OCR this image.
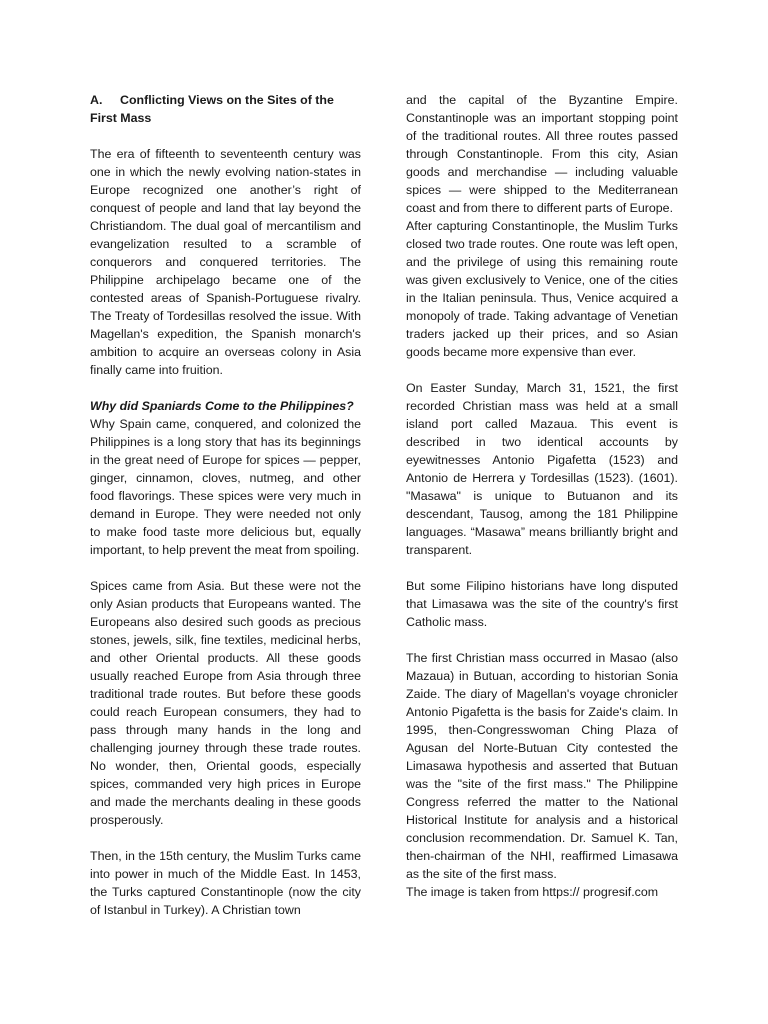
A. Conflicting Views on the Sites of the First Mass

The era of fifteenth to seventeenth century was one in which the newly evolving nation-states in Europe recognized one another’s right of conquest of people and land that lay beyond the Christiandom. The dual goal of mercantilism and evangelization resulted to a scramble of conquerors and conquered territories. The Philippine archipelago became one of the contested areas of Spanish-Portuguese rivalry. The Treaty of Tordesillas resolved the issue. With Magellan's expedition, the Spanish monarch's ambition to acquire an overseas colony in Asia finally came into fruition.

Why did Spaniards Come to the Philippines?

Why Spain came, conquered, and colonized the Philippines is a long story that has its beginnings in the great need of Europe for spices — pepper, ginger, cinnamon, cloves, nutmeg, and other food flavorings. These spices were very much in demand in Europe. They were needed not only to make food taste more delicious but, equally important, to help prevent the meat from spoiling.

Spices came from Asia. But these were not the only Asian products that Europeans wanted. The Europeans also desired such goods as precious stones, jewels, silk, fine textiles, medicinal herbs, and other Oriental products. All these goods usually reached Europe from Asia through three traditional trade routes. But before these goods could reach European consumers, they had to pass through many hands in the long and challenging journey through these trade routes. No wonder, then, Oriental goods, especially spices, commanded very high prices in Europe and made the merchants dealing in these goods prosperously.

Then, in the 15th century, the Muslim Turks came into power in much of the Middle East. In 1453, the Turks captured Constantinople (now the city of Istanbul in Turkey). A Christian town

and the capital of the Byzantine Empire. Constantinople was an important stopping point of the traditional routes. All three routes passed through Constantinople. From this city, Asian goods and merchandise — including valuable spices — were shipped to the Mediterranean coast and from there to different parts of Europe.

After capturing Constantinople, the Muslim Turks closed two trade routes. One route was left open, and the privilege of using this remaining route was given exclusively to Venice, one of the cities in the Italian peninsula. Thus, Venice acquired a monopoly of trade. Taking advantage of Venetian traders jacked up their prices, and so Asian goods became more expensive than ever.

On Easter Sunday, March 31, 1521, the first recorded Christian mass was held at a small island port called Mazaua. This event is described in two identical accounts by eyewitnesses Antonio Pigafetta (1523) and Antonio de Herrera y Tordesillas (1523). (1601). "Masawa" is unique to Butuanon and its descendant, Tausog, among the 181 Philippine languages. “Masawa” means brilliantly bright and transparent.

But some Filipino historians have long disputed that Limasawa was the site of the country's first Catholic mass.

The first Christian mass occurred in Masao (also Mazaua) in Butuan, according to historian Sonia Zaide. The diary of Magellan's voyage chronicler Antonio Pigafetta is the basis for Zaide's claim. In 1995, then-Congresswoman Ching Plaza of Agusan del Norte-Butuan City contested the Limasawa hypothesis and asserted that Butuan was the "site of the first mass." The Philippine Congress referred the matter to the National Historical Institute for analysis and a historical conclusion recommendation. Dr. Samuel K. Tan, then-chairman of the NHI, reaffirmed Limasawa as the site of the first mass.

The image is taken from https:// progresif.com
